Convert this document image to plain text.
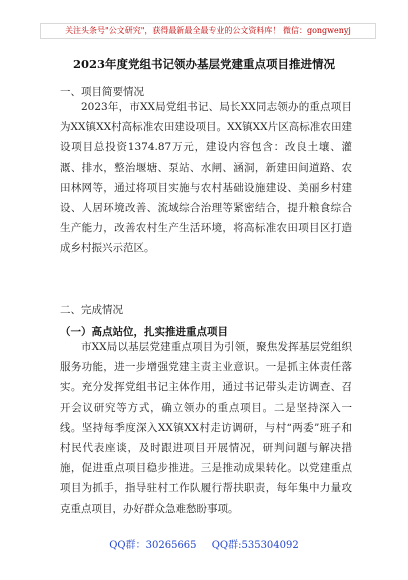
关注头条号"公文研究"，获得最新最全最专业的公文资料库！ 微信：gongwenyj
2023年度党组书记领办基层党建重点项目推进情况
一、项目简要情况

2023年，市XX局党组书记、局长XX同志领办的重点项目为XX镇XX村高标准农田建设项目。XX镇XX片区高标准农田建设项目总投资1374.87万元，建设内容包含：改良土壤、灌溉、排水，整治堰塘、泵站、水闸、涵洞，新建田间道路、农田林网等，通过将项目实施与农村基础设施建设、美丽乡村建设、人居环境改善、流域综合治理等紧密结合，提升粮食综合生产能力，改善农村生产生活环境，将高标准农田项目区打造成乡村振兴示范区。

二、完成情况
（一）高点站位，扎实推进重点项目

市XX局以基层党建重点项目为引领，聚焦发挥基层党组织服务功能，进一步增强党建主责主业意识。一是抓主体责任落实。充分发挥党组书记主体作用，通过书记带头走访调查、召开会议研究等方式，确立领办的重点项目。二是坚持深入一线。坚持每季度深入XX镇XX村走访调研，与村“两委”班子和村民代表座谈，及时跟进项目开展情况，研判问题与解决措施，促进重点项目稳步推进。三是推动成果转化。以党建重点项目为抓手，指导驻村工作队履行帮扶职责，每年集中力量攻克重点项目，办好群众急难愁盼事项。

QQ群：30265665 QQ群:535304092
